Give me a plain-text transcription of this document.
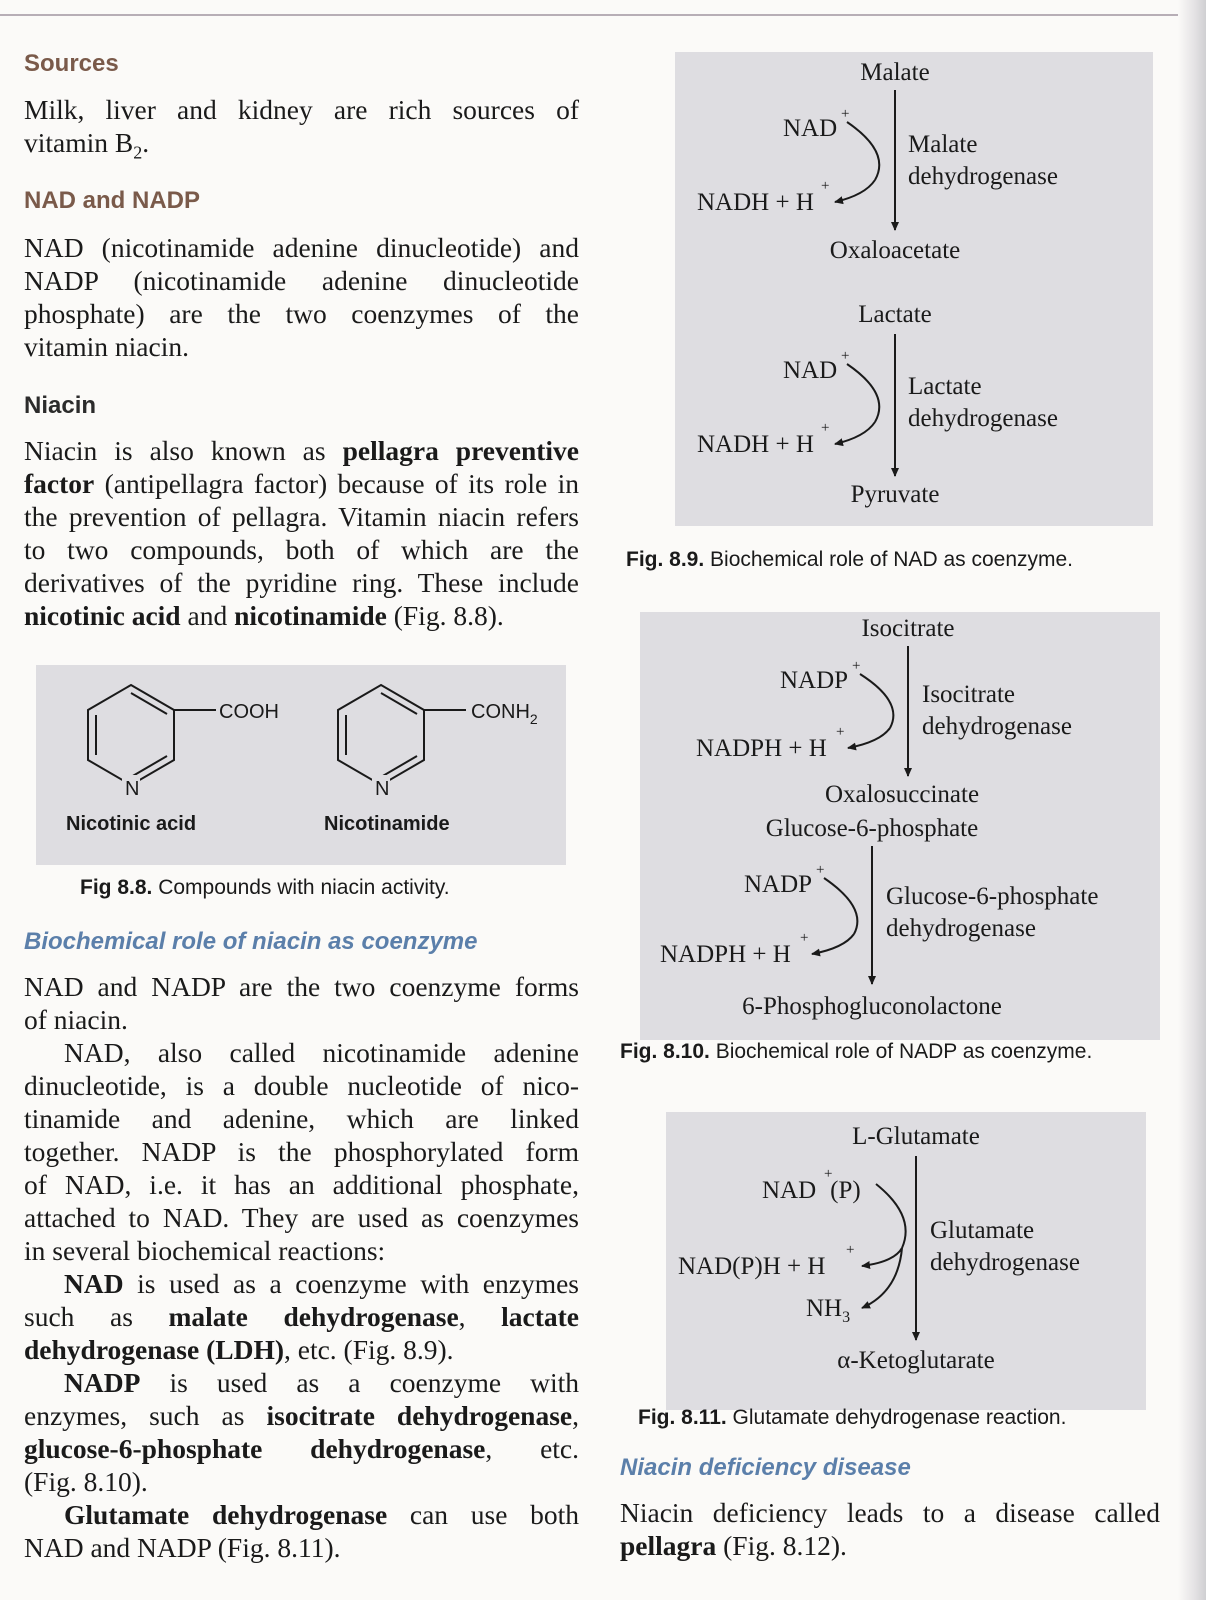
Sources
Milk, liver and kidney are rich sources of
vitamin $B_2$.
NAD and NADP
NAD (nicotinamide adenine dinucleotide) and
NADP (nicotinamide adenine dinucleotide
phosphate) are the two coenzymes of the
vitamin niacin.
Niacin
Niacin is also known as pellagra preventive
factor (antipellagra factor) because of its role in
the prevention of pellagra. Vitamin niacin refers
to two compounds, both of which are the
derivatives of the pyridine ring. These include
nicotinic acid and nicotinamide (Fig. 8.8).
COOH
N
Nicotinic acid
$CONH_2$
N
Nicotinamide
Fig 8.8. Compounds with niacin activity.
Biochemical role of niacin as coenzyme
NAD and NADP are the two coenzyme forms
of niacin.
NAD, also called nicotinamide adenine
dinucleotide, is a double nucleotide of nico-
tinamide and adenine, which are linked
together. NADP is the phosphorylated form
of NAD, i.e. it has an additional phosphate,
attached to NAD. They are used as coenzymes
in several biochemical reactions:
NAD is used as a coenzyme with enzymes
such as malate dehydrogenase, lactate
dehydrogenase (LDH), etc. (Fig. 8.9).
NADP is used as a coenzyme with
enzymes, such as isocitrate dehydrogenase,
glucose-6-phosphate dehydrogenase, etc.
(Fig. 8.10).
Glutamate dehydrogenase can use both
NAD and NADP (Fig. 8.11).
Malate
NAD
+
NADH + H
+
Malate
dehydrogenase
Oxaloacetate
Lactate
NAD
+
NADH + H
+
Lactate
dehydrogenase
Pyruvate
Fig. 8.9. Biochemical role of NAD as coenzyme.
Isocitrate
NADP
+
NADPH + H
+
Isocitrate
dehydrogenase
Oxalosuccinate
Glucose-6-phosphate
NADP
+
NADPH + H
+
Glucose-6-phosphate
dehydrogenase
6-Phosphogluconolactone
Fig. 8.10. Biochemical role of NADP as coenzyme.
L-Glutamate
NAD (P)
+
NAD(P)H + H
+
$NH_3$
Glutamate
dehydrogenase
α-Ketoglutarate
Fig. 8.11. Glutamate dehydrogenase reaction.
Niacin deficiency disease
Niacin deficiency leads to a disease called
pellagra (Fig. 8.12).
